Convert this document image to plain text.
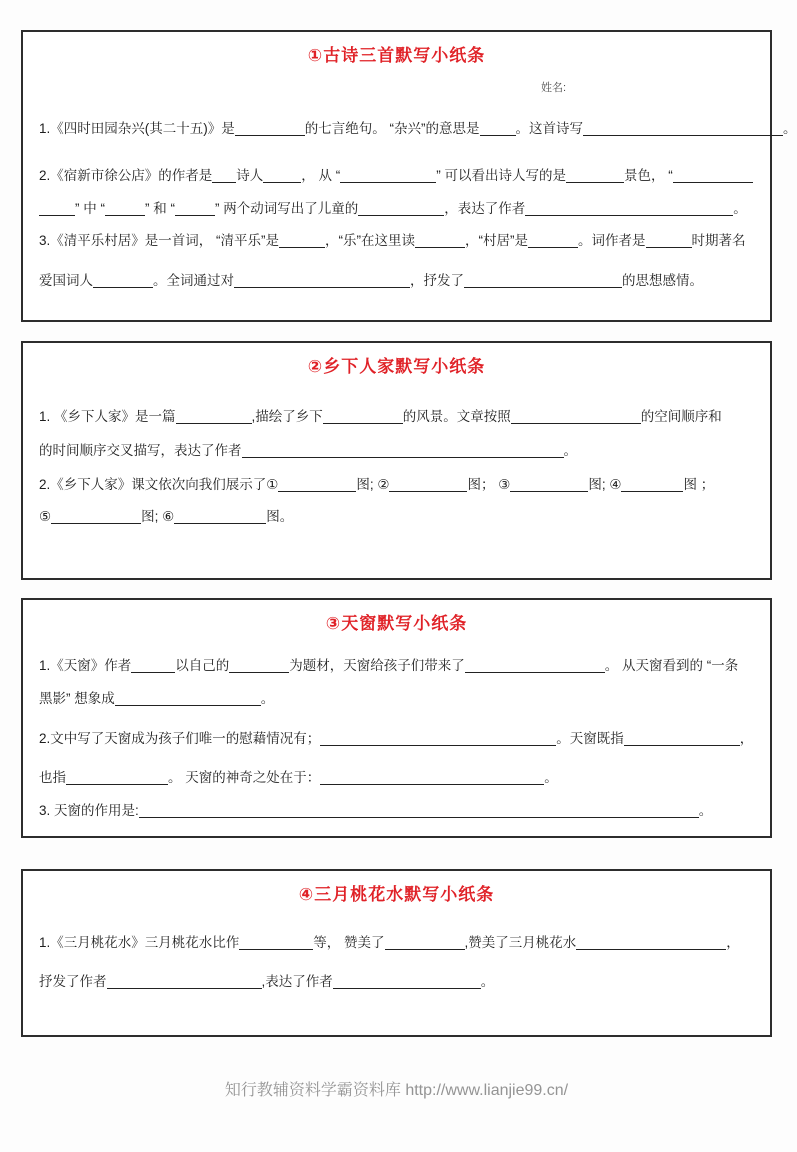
①古诗三首默写小纸条
姓名:

1.《四时田园杂兴(其二十五)》是	的七言绝句。 “杂兴”的意思是	。这首诗写	。

2.《宿新市徐公店》的作者是 诗人	， 从 “	” 可以看出诗人写的是	景色， “

” 中 “	” 和 “	” 两个动词写出了儿童的	，表达了作者	。

3.《清平乐村居》是一首词， “清平乐”是	，“乐”在这里读	，“村居”是	。词作者是	时期著名

爱国词人	。全词通过对	，抒发了	的思想感情。

②乡下人家默写小纸条

1. 《乡下人家》是一篇	,描绘了乡下	的风景。文章按照	的空间顺序和

的时间顺序交叉描写，表达了作者	。

2.《乡下人家》课文依次向我们展示了①	图; ②	图； ③	图; ④	图 ；

⑤	图; ⑥	图。

③天窗默写小纸条

1.《天窗》作者	以自己的	为题材，天窗给孩子们带来了	。 从天窗看到的 “一条

黑影” 想象成	。

2.文中写了天窗成为孩子们唯一的慰藉情况有；	。天窗既指	，

也指	。 天窗的神奇之处在于：	。

3. 天窗的作用是:	。

④三月桃花水默写小纸条

1.《三月桃花水》三月桃花水比作	等， 赞美了	,赞美了三月桃花水	，

抒发了作者	,表达了作者	。

知行教辅资料学霸资料库 http://www.lianjie99.cn/
